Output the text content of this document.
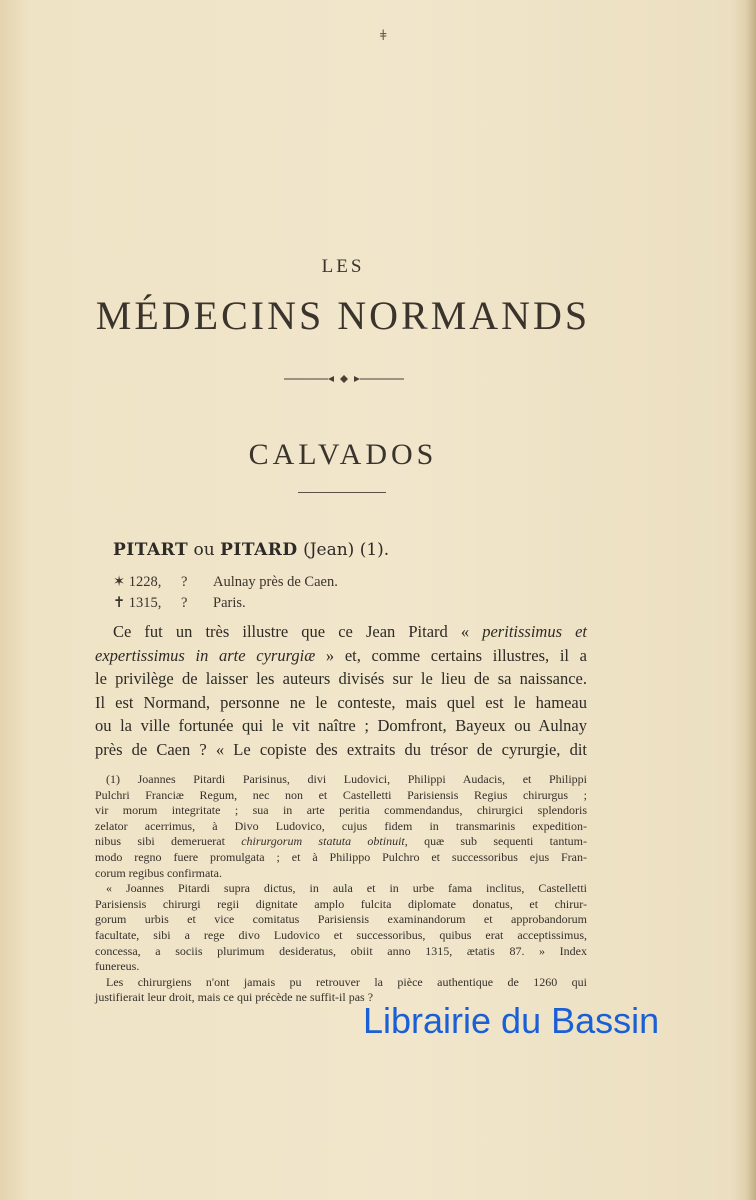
ǂ
LES
MÉDECINS NORMANDS
CALVADOS
PITART ou PITARD (Jean) (1).
✶ 1228,	?	Aulnay près de Caen.
✝ 1315,	?	Paris.
Ce fut un très illustre que ce Jean Pitard « peritissimus et
expertissimus in arte cyrurgiæ » et, comme certains illustres, il a
le privilège de laisser les auteurs divisés sur le lieu de sa naissance.
Il est Normand, personne ne le conteste, mais quel est le hameau
ou la ville fortunée qui le vit naître ; Domfront, Bayeux ou Aulnay
près de Caen ? « Le copiste des extraits du trésor de cyrurgie, dit
(1) Joannes Pitardi Parisinus, divi Ludovici, Philippi Audacis, et Philippi
Pulchri Franciæ Regum, nec non et Castelletti Parisiensis Regius chirurgus ;
vir morum integritate ; sua in arte peritia commendandus, chirurgici splendoris
zelator acerrimus, à Divo Ludovico, cujus fidem in transmarinis expedition-
nibus sibi demeruerat chirurgorum statuta obtinuit, quæ sub sequenti tantum-
modo regno fuere promulgata ; et à Philippo Pulchro et successoribus ejus Fran-
corum regibus confirmata.
« Joannes Pitardi supra dictus, in aula et in urbe fama inclitus, Castelletti
Parisiensis chirurgi regii dignitate amplo fulcita diplomate donatus, et chirur-
gorum urbis et vice comitatus Parisiensis examinandorum et approbandorum
facultate, sibi a rege divo Ludovico et successoribus, quibus erat acceptissimus,
concessa, a sociis plurimum desideratus, obiit anno 1315, ætatis 87. » Index
funereus.
Les chirurgiens n'ont jamais pu retrouver la pièce authentique de 1260 qui
justifierait leur droit, mais ce qui précède ne suffit-il pas ?
Librairie du Bassin
